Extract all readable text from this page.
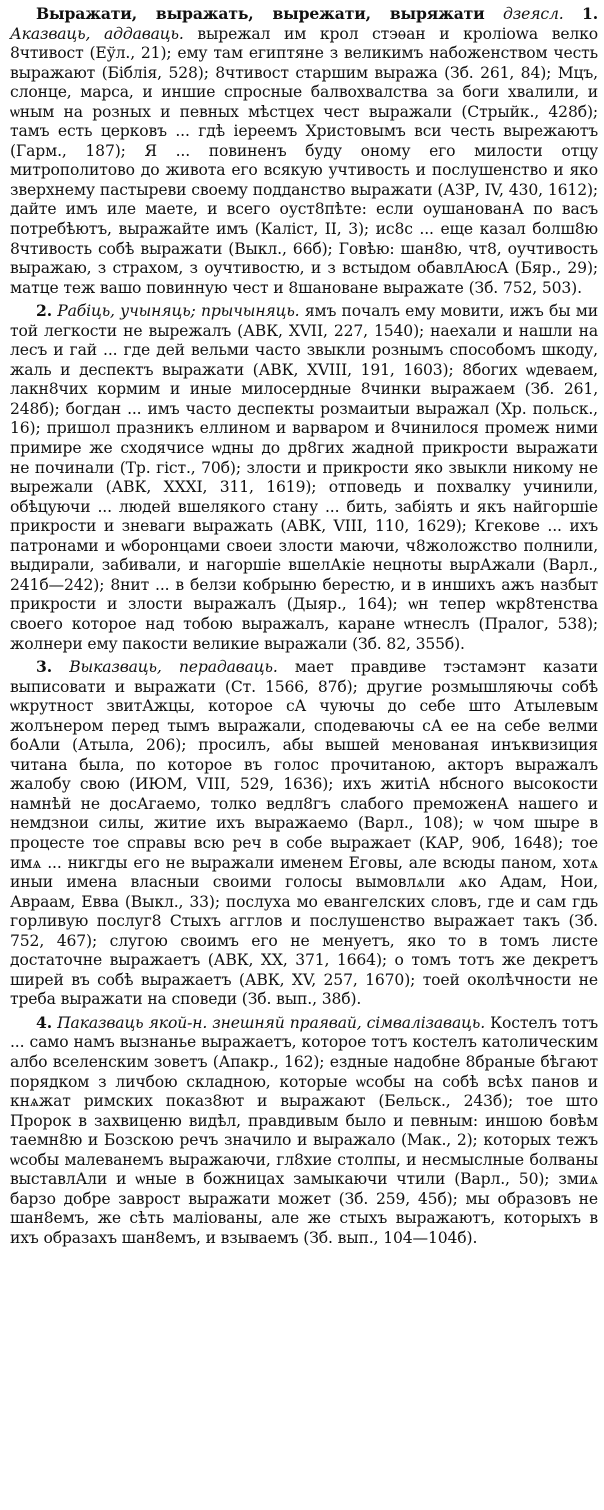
Выражати, выражать, вырежати, выряжати дзеясл. 1. Аказваць, аддаваць. вырежал им крол стэѳан и кролiowa велко 8чтивост (Еўл., 21); ему там египтяне з великимъ набоженством честь выражают (Біблія, 528); 8чтивост старшим выража (Зб. 261, 84); Мцъ, слонце, марса, и иншие спросные балвохвалства за боги хвалили, и ѡным на розных и певных мѣстцех чест выражали (Стрыйк., 428б); тамъ есть церковъ ... гдѣ iереемъ Христовымъ вси честь вырежаютъ (Гарм., 187); Я ... повиненъ буду оному его милости отцу митрополитово до живота его всякую учтивость и послушенство и яко зверхнему пастыреви своему подданство выражати (АЗР, IV, 430, 1612); дайте имъ иле маете, и всего оуст8пѣте: если оушанованА по васъ потребѣютъ, выражайте имъ (Каліст, II, 3); ис8с ... еще казал болш8ю 8чтивость собѣ выражати (Выкл., 66б); Говѣю: шан8ю, чт8, оучтивость выражаю, з страхом, з оучтивостю, и з встыдом обавлАюсА (Бяр., 29); матце теж вашо повинную чест и 8шанованe выражате (Зб. 752, 503).

2. Рабіць, учыняць; прычыняць. ямъ почалъ ему мовити, ижъ бы ми той легкости не вырежалъ (АВК, XVII, 227, 1540); наехали и нашли на лесъ и гай ... где дей вельми часто звыкли рознымъ способомъ шкоду, жаль и деспектъ выражати (АВК, XVIII, 191, 1603); 8богих ѡдеваем, лакн8чих кормим и иные милосердные 8чинки выражаем (Зб. 261, 248б); богдан ... имъ часто деспекты розмаитыи выражал (Хр. польск., 16); пришол празникъ еллином и варваром и 8чинилося промеж ними примире же сходячисе ѡдны до др8гих жадной прикрости выражати не починали (Тр. гіст., 70б); злости и прикрости яко звыкли никому не вырежали (АВК, XXXI, 311, 1619); отповедь и похвалку учинили, обѣцуючи ... людей вшелякого стану ... бить, забіять и якъ найгоршіе прикрости и зневаги выражать (АВК, VIII, 110, 1629); Кгекове ... ихъ патронами и ѡборонцами своеи злости маючи, ч8жоложство полнили, выдирали, забивали, и нагоршіе вшелАкіе нецноты вырАжали (Варл., 241б—242); 8нит ... в белзи кобрыню берестю, и в иншихъ ажъ назбыт прикрости и злости выражалъ (Дыяр., 164); ѡн тепер ѡкр8тенства своего которое над тобою выражалъ, каране ѡтнеслъ (Пралог, 538); жолнери ему пакости великие выражали (Зб. 82, 355б).

3. Выказваць, перадаваць. мает правдиве тэстамэнт казати выписовати и выражати (Ст. 1566, 87б); другие розмышляючы собѣ ѡкрутност звитАжцы, которое сА чуючы до себе што Атылевым жолънером перед тымъ выражали, сподеваючы сА ее на себе велми боАли (Атыла, 206); просилъ, абы вышей меновaная инъквизиция читана была, по которое въ голос прочитаною, акторъ выражалъ жалобу свою (ИЮМ, VIII, 529, 1636); ихъ житіА нбсного высокости намнѣй не досАгаемо, толко ведл8гъ слабого преможенА нашего и немдзнои силы, житие ихъ выражаемо (Варл., 108); ѡ чом шыре в процесте тое справы всю реч в собе выражает (КАР, 90б, 1648); тое имѧ ... никгды его не выражали именем Еговы, але всюды паном, хотѧ иныи имена власныи своими голосы вымовлѧли ѧко Адам, Нои, Авраам, Евва (Выкл., 33); послуха мо евангелских словъ, где и сам гдь горливую послуг8 Стыхъ агглов и послушенство выражает такъ (Зб. 752, 467); слугою своимъ его не менуетъ, яко то в томъ листе достаточне выражаетъ (АВК, XX, 371, 1664); о томъ тотъ же декретъ ширей въ собѣ выражаетъ (АВК, XV, 257, 1670); тоей околѣчности не треба выражати на споведи (Зб. вып., 38б).

4. Паказваць якой-н. знешняй праявай, сімвалізаваць. Костелъ тотъ ... само намъ вызнанье выражаетъ, которое тотъ костелъ католическим албо вселенским зоветъ (Апакр., 162); ездные надобне 8браные бѣгают порядком з личбою складною, которые ѡсобы на собѣ всѣх панов и кнѧжат римских показ8ют и выражают (Бельск., 243б); тое што Пророк в захвиценю видѣл, правдивым было и певным: иншою бовѣм таемн8ю и Бозскою речъ значило и выражало (Мак., 2); которых тежъ ѡсобы малеванемъ выражаючи, гл8хие столпы, и несмыслные болваны выставлАли и ѡные в божницах замыкаючи чтили (Варл., 50); змиѧ барзо добре заврост выражати может (Зб. 259, 45б); мы образовъ не шан8емъ, же сѣть маліованы, але же стыхъ выражаютъ, которыхъ в ихъ образахъ шан8емъ, и взываемъ (Зб. вып., 104—104б).
